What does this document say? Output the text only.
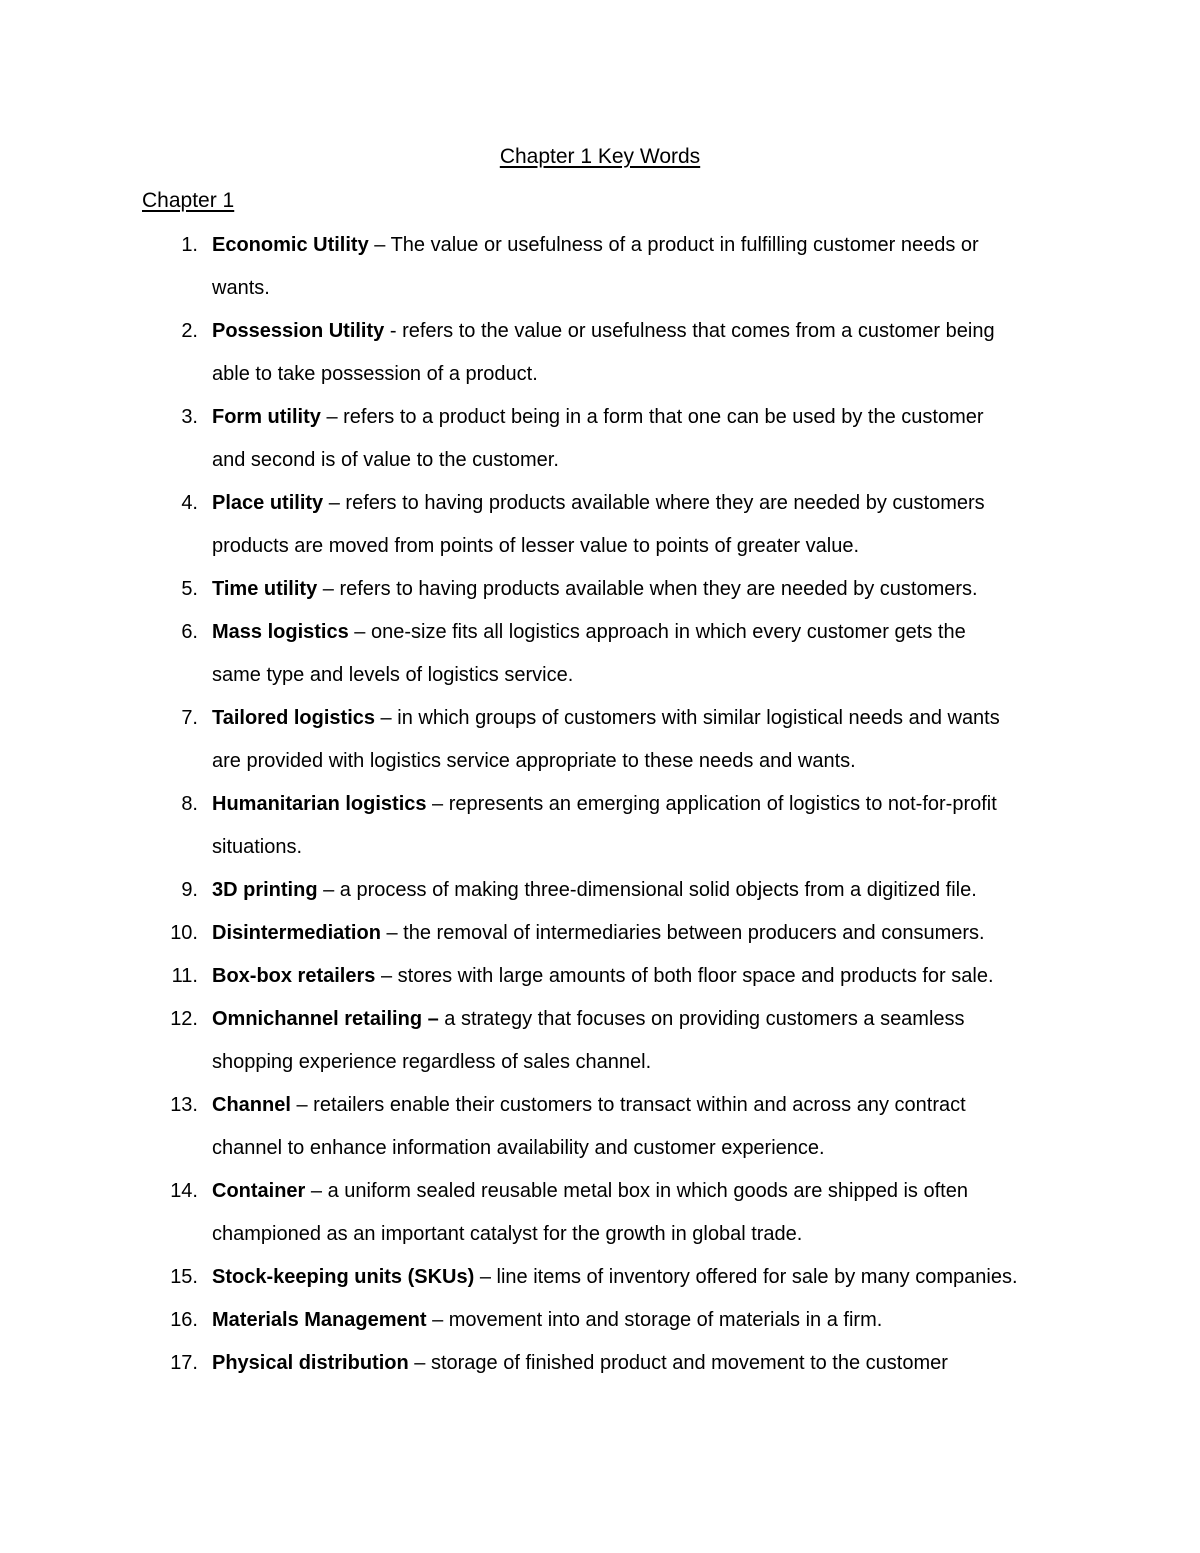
Chapter 1 Key Words
Chapter 1
1. Economic Utility – The value or usefulness of a product in fulfilling customer needs or
wants.
2. Possession Utility - refers to the value or usefulness that comes from a customer being
able to take possession of a product.
3. Form utility – refers to a product being in a form that one can be used by the customer
and second is of value to the customer.
4. Place utility – refers to having products available where they are needed by customers
products are moved from points of lesser value to points of greater value.
5. Time utility – refers to having products available when they are needed by customers.
6. Mass logistics – one-size fits all logistics approach in which every customer gets the
same type and levels of logistics service.
7. Tailored logistics – in which groups of customers with similar logistical needs and wants
are provided with logistics service appropriate to these needs and wants.
8. Humanitarian logistics – represents an emerging application of logistics to not-for-profit
situations.
9. 3D printing – a process of making three-dimensional solid objects from a digitized file.
10. Disintermediation – the removal of intermediaries between producers and consumers.
11. Box-box retailers – stores with large amounts of both floor space and products for sale.
12. Omnichannel retailing – a strategy that focuses on providing customers a seamless
shopping experience regardless of sales channel.
13. Channel – retailers enable their customers to transact within and across any contract
channel to enhance information availability and customer experience.
14. Container – a uniform sealed reusable metal box in which goods are shipped is often
championed as an important catalyst for the growth in global trade.
15. Stock-keeping units (SKUs) – line items of inventory offered for sale by many companies.
16. Materials Management – movement into and storage of materials in a firm.
17. Physical distribution – storage of finished product and movement to the customer
